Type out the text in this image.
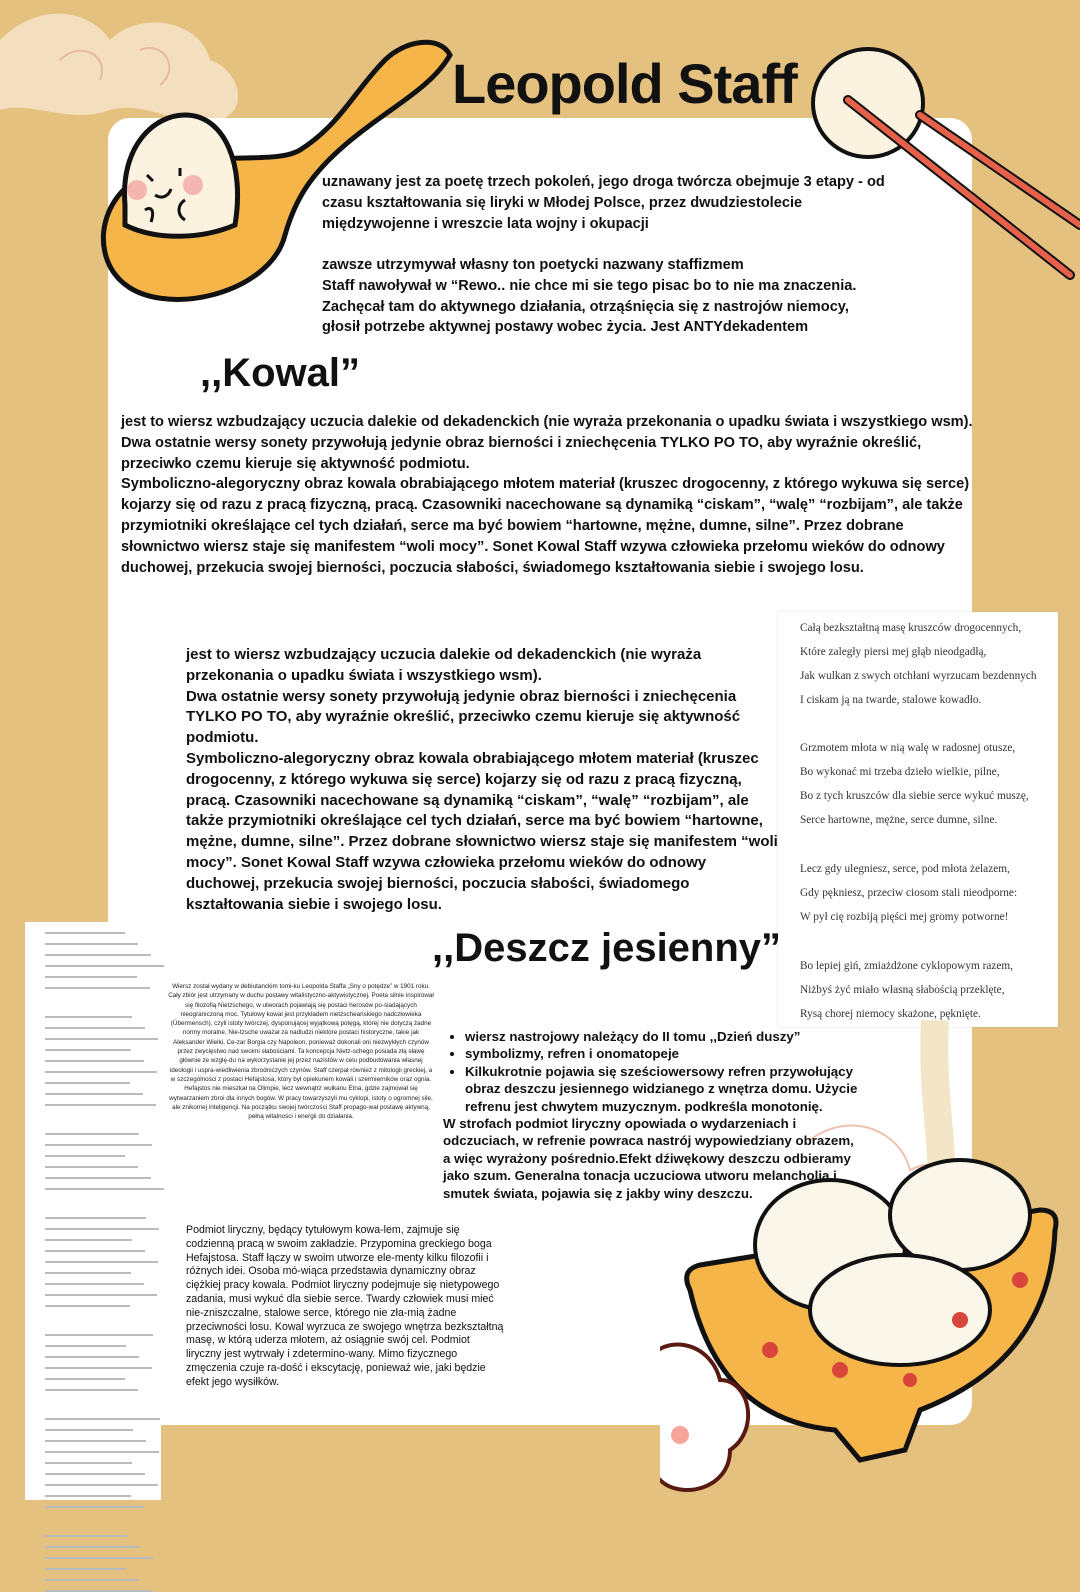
Leopold Staff
uznawany jest za poetę trzech pokoleń, jego droga twórcza obejmuje 3 etapy - od czasu kształtowania się liryki w Młodej Polsce, przez dwudziestolecie międzywojenne i wreszcie lata wojny i okupacji
zawsze utrzymywał własny ton poetycki nazwany staffizmem
Staff nawoływał w “Rewo.. nie chce mi sie tego pisac bo to nie ma znaczenia.
Zachęcał tam do aktywnego działania, otrząśnięcia się z nastrojów niemocy,
głosił potrzebe aktywnej postawy wobec życia. Jest ANTYdekadentem
,,Kowal”
jest to wiersz wzbudzający uczucia dalekie od dekadenckich (nie wyraża przekonania o upadku świata i wszystkiego wsm).
Dwa ostatnie wersy sonety przywołują jedynie obraz bierności i zniechęcenia TYLKO PO TO, aby wyraźnie określić, przeciwko czemu kieruje się aktywność podmiotu.
Symboliczno-alegoryczny obraz kowala obrabiającego młotem materiał (kruszec drogocenny, z którego wykuwa się serce) kojarzy się od razu z pracą fizyczną, pracą. Czasowniki nacechowane są dynamiką “ciskam”, “walę” “rozbijam”, ale także przymiotniki określające cel tych działań, serce ma być bowiem “hartowne, mężne, dumne, silne”. Przez dobrane słownictwo wiersz staje się manifestem “woli mocy”. Sonet Kowal Staff wzywa człowieka przełomu wieków do odnowy duchowej, przekucia swojej bierności, poczucia słabości, świadomego kształtowania siebie i swojego losu.
jest to wiersz wzbudzający uczucia dalekie od dekadenckich (nie wyraża przekonania o upadku świata i wszystkiego wsm).
Dwa ostatnie wersy sonety przywołują jedynie obraz bierności i zniechęcenia TYLKO PO TO, aby wyraźnie określić, przeciwko czemu kieruje się aktywność podmiotu.
Symboliczno-alegoryczny obraz kowala obrabiającego młotem materiał (kruszec drogocenny, z którego wykuwa się serce) kojarzy się od razu z pracą fizyczną, pracą. Czasowniki nacechowane są dynamiką “ciskam”, “walę” “rozbijam”, ale także przymiotniki określające cel tych działań, serce ma być bowiem “hartowne, mężne, dumne, silne”. Przez dobrane słownictwo wiersz staje się manifestem “woli mocy”. Sonet Kowal Staff wzywa człowieka przełomu wieków do odnowy duchowej, przekucia swojej bierności, poczucia słabości, świadomego kształtowania siebie i swojego losu.
Całą bezkształtną masę kruszców drogocennych,
Które zaległy piersi mej głąb nieodgadłą,
Jak wulkan z swych otchłani wyrzucam bezdennych
I ciskam ją na twarde, stalowe kowadło.
Grzmotem młota w nią walę w radosnej otusze,
Bo wykonać mi trzeba dzieło wielkie, pilne,
Bo z tych kruszców dla siebie serce wykuć muszę,
Serce hartowne, mężne, serce dumne, silne.
Lecz gdy ulegniesz, serce, pod młota żelazem,
Gdy pękniesz, przeciw ciosom stali nieodporne:
W pył cię rozbiją pięści mej gromy potworne!
Bo lepiej giń, zmiażdżone cyklopowym razem,
Niżbyś żyć miało własną słabością przeklęte,
Rysą chorej niemocy skażone, pęknięte.
Wiersz został wydany w debiutanckim tomi-ku Leopolda Staffa „Sny o potędze” w 1901 roku. Cały zbiór jest utrzymany w duchu postawy witalistyczno-aktywistycznej. Poeta silnie inspirował się filozofią Nietzschego, w utworach pojawiają się postaci herosów po-siadających nieograniczoną moc. Tytułowy kowal jest przykładem nietzscheańskiego nadczłowieka (Übermensch), czyli istoty twórczej, dysponującej wyjątkową potęgą, której nie dotyczą żadne normy moralne. Nie-tzsche uważał za nadludzi niektóre postaci historyczne, takie jak Aleksander Wielki, Ce-zar Borgia czy Napoleon, ponieważ dokonali oni niezwykłych czynów przez zwycięstwo nad swoimi słabościami. Ta koncepcja Nietz-schego posiada złą sławę głównie ze wzglę-du na wykorzystanie jej przez nazistów w celu podbudowania własnej ideologii i uspra-wiedliwienia zbrodniczych czynów. Staff czerpał również z mitologii greckiej, a w szczególności z postaci Hefajstosa, który był opiekunem kowali i szermierników oraz ognia. Hefajstos nie mieszkał na Olimpie, lecz wewnątrz wulkanu Etna, gdzie zajmował się wytwarzaniem zbroi dla innych bogów. W pracy towarzyszyli mu cyklopi, istoty o ogromnej sile, ale znikomej inteligencji. Na początku swojej twórczości Staff propago-wał postawę aktywną, pełną witalności i energii do działania.
,,Deszcz jesienny”
• wiersz nastrojowy należący do II tomu ,,Dzień duszy”
• symbolizmy, refren i onomatopeje
• Kilkukrotnie pojawia się sześciowersowy refren przywołujący obraz deszczu jesiennego widzianego z wnętrza domu. Użycie refrenu jest chwytem muzycznym. podkreśla monotonię.
W strofach podmiot liryczny opowiada o wydarzeniach i odczuciach, w refrenie powraca nastrój wypowiedziany obrazem, a więc wyrażony pośrednio.Efekt dźiwękowy deszczu odbieramy jako szum. Generalna tonacja uczuciowa utworu melancholia i smutek świata, pojawia się z jakby winy deszczu.
Podmiot liryczny, będący tytułowym kowa-lem, zajmuje się codzienną pracą w swoim zakładzie. Przypomina greckiego boga Hefajstosa. Staff łączy w swoim utworze ele-menty kilku filozofii i różnych idei. Osoba mó-wiąca przedstawia dynamiczny obraz ciężkiej pracy kowala. Podmiot liryczny podejmuje się nietypowego zadania, musi wykuć dla siebie serce. Twardy człowiek musi mieć nie-zniszczalne, stalowe serce, którego nie zła-mią żadne przeciwności losu. Kowal wyrzuca ze swojego wnętrza bezkształtną masę, w którą uderza młotem, aż osiągnie swój cel. Podmiot liryczny jest wytrwały i zdetermino-wany. Mimo fizycznego zmęczenia czuje ra-dość i ekscytację, ponieważ wie, jaki będzie efekt jego wysiłków.
